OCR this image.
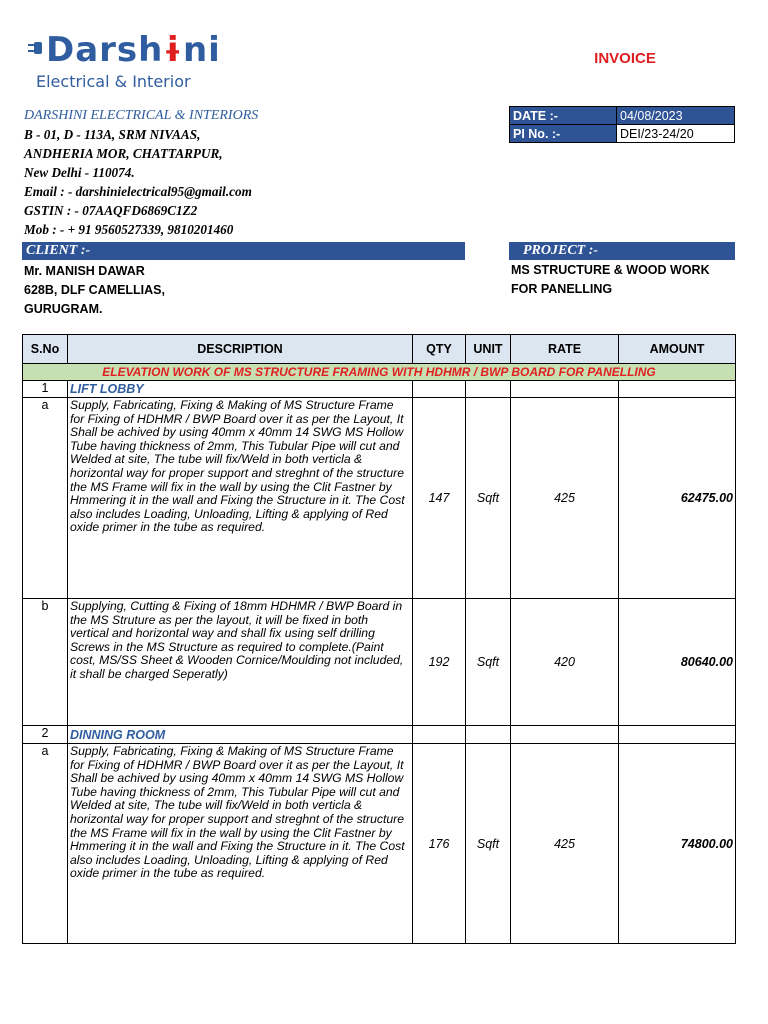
Darshɨni
Electrical & Interior
INVOICE
DARSHINI ELECTRICAL & INTERIORS
B - 01, D - 113A, SRM NIVAAS,
ANDHERIA MOR, CHATTARPUR,
New Delhi - 110074.
Email : - darshinielectrical95@gmail.com
GSTIN : - 07AAQFD6869C1Z2
Mob : - + 91 9560527339, 9810201460
DATE :-	04/08/2023
PI No. :-	DEI/23-24/20
CLIENT :-	PROJECT :-
Mr. MANISH DAWAR
628B, DLF CAMELLIAS,
GURUGRAM.
MS STRUCTURE & WOOD WORK
FOR PANELLING
S.No	DESCRIPTION	QTY	UNIT	RATE	AMOUNT
ELEVATION WORK OF MS STRUCTURE FRAMING WITH HDHMR / BWP BOARD FOR PANELLING					
1	LIFT LOBBY				
a	Supply, Fabricating, Fixing & Making of MS Structure Frame for Fixing of HDHMR / BWP Board over it as per the Layout, It Shall be achived by using 40mm x 40mm 14 SWG MS Hollow Tube having thickness of 2mm, This Tubular Pipe will cut and Welded at site, The tube will fix/Weld in both verticla & horizontal way for proper support and streghnt of the structure the MS Frame will fix in the wall by using the Clit Fastner by Hmmering it in the wall and Fixing the Structure in it. The Cost also includes Loading, Unloading, Lifting & applying of Red oxide primer in the tube as required.	147	Sqft	425	62475.00
b	Supplying, Cutting & Fixing of 18mm HDHMR / BWP Board in the MS Struture as per the layout, it will be fixed in both vertical and horizontal way and shall fix using self drilling Screws in the MS Structure as required to complete.(Paint cost, MS/SS Sheet & Wooden Cornice/Moulding not included, it shall be charged Seperatly)	192	Sqft	420	80640.00
2	DINNING ROOM				
a	Supply, Fabricating, Fixing & Making of MS Structure Frame for Fixing of HDHMR / BWP Board over it as per the Layout, It Shall be achived by using 40mm x 40mm 14 SWG MS Hollow Tube having thickness of 2mm, This Tubular Pipe will cut and Welded at site, The tube will fix/Weld in both verticla & horizontal way for proper support and streghnt of the structure the MS Frame will fix in the wall by using the Clit Fastner by Hmmering it in the wall and Fixing the Structure in it. The Cost also includes Loading, Unloading, Lifting & applying of Red oxide primer in the tube as required.	176	Sqft	425	74800.00
